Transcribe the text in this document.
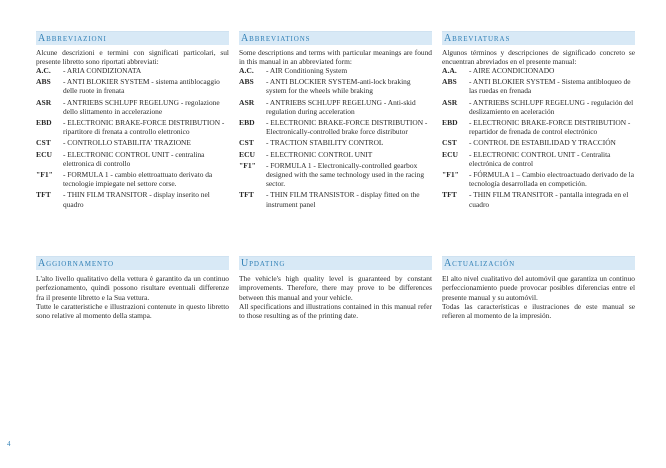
Abbreviazioni
Alcune descrizioni e termini con significati particolari, sul presente libretto sono riportati abbreviati:
A.C.	- ARIA CONDIZIONATA
ABS	- ANTI BLOKIER SYSTEM - sistema antiblocaggio delle ruote in frenata
ASR	- ANTRIEBS SCHLUPF REGELUNG - regolazione dello slittamento in accelerazione
EBD	- ELECTRONIC BRAKE-FORCE DISTRIBUTION - ripartitore di frenata a controllo elettronico
CST	- CONTROLLO STABILITA' TRAZIONE
ECU	- ELECTRONIC CONTROL UNIT - centralina elettronica di controllo
"F1"	- FORMULA 1 - cambio elettroattuato derivato da tecnologie impiegate nel settore corse.
TFT	- THIN FILM TRANSITOR - display inserito nel quadro
Abbreviations
Some descriptions and terms with particular meanings are found in this manual in an abbreviated form:
A.C.	- AIR Conditioning System
ABS	- ANTI BLOCKIER SYSTEM-anti-lock braking system for the wheels while braking
ASR	- ANTRIEBS SCHLUPF REGELUNG - Anti-skid regulation during acceleration
EBD	- ELECTRONIC BRAKE-FORCE DISTRIBUTION - Electronically-controlled brake force distributor
CST	- TRACTION STABILITY CONTROL
ECU	- ELECTRONIC CONTROL UNIT
"F1"	- FORMULA 1 - Electronically-controlled gearbox designed with the same technology used in the racing sector.
TFT	- THIN FILM TRANSISTOR - display fitted on the instrument panel
Abreviaturas
Algunos términos y descripciones de significado concreto se encuentran abreviados en el presente manual:
A.A.	- AIRE ACONDICIONADO
ABS	- ANTI BLOKIER SYSTEM - Sistema antibloqueo de las ruedas en frenada
ASR	- ANTRIEBS SCHLUPF REGELUNG - regulación del deslizamiento en aceleración
EBD	- ELECTRONIC BRAKE-FORCE DISTRIBUTION - repartidor de frenada de control electrónico
CST	- CONTROL DE ESTABILIDAD Y TRACCIÓN
ECU	- ELECTRONIC CONTROL UNIT - Centralita electrónica de control
"F1"	- FÓRMULA 1 – Cambio electroactuado derivado de la tecnología desarrollada en competición.
TFT	- THIN FILM TRANSITOR - pantalla integrada en el cuadro
Aggiornamento
L'alto livello qualitativo della vettura è garantito da un continuo perfezionamento, quindi possono risultare eventuali differenze fra il presente libretto e la Sua vettura.
Tutte le caratteristiche e illustrazioni contenute in questo libretto sono relative al momento della stampa.
Updating
The vehicle's high quality level is guaranteed by constant improvements. Therefore, there may prove to be differences between this manual and your vehicle.
All specifications and illustrations contained in this manual refer to those resulting as of the printing date.
Actualización
El alto nivel cualitativo del automóvil que garantiza un continuo perfeccionamiento puede provocar posibles diferencias entre el presente manual y su automóvil.
Todas las características e ilustraciones de este manual se refieren al momento de la impresión.
4
